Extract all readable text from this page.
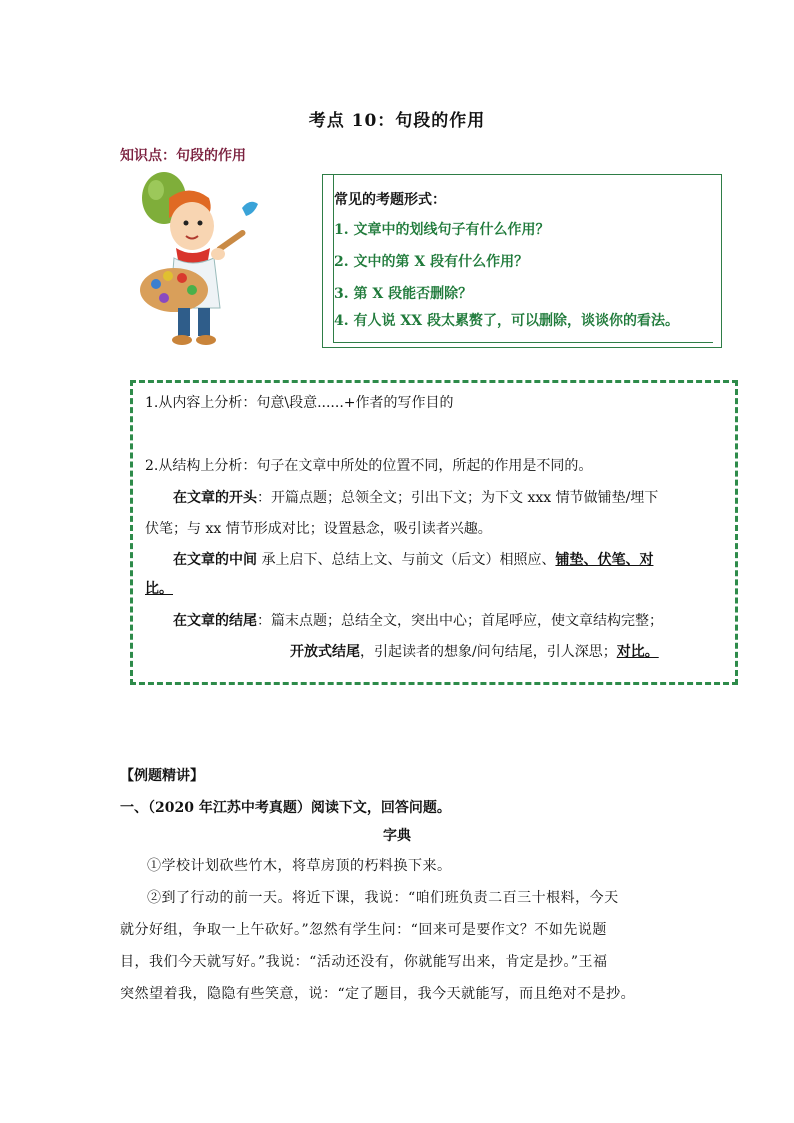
考点 10：句段的作用
知识点：句段的作用
常见的考题形式：
1. 文章中的划线句子有什么作用？
2. 文中的第 X 段有什么作用？
3. 第 X 段能否删除？
4. 有人说 XX 段太累赘了，可以删除，谈谈你的看法。
1.从内容上分析：句意\段意......+作者的写作目的
2.从结构上分析：句子在文章中所处的位置不同，所起的作用是不同的。
在文章的开头：开篇点题；总领全文；引出下文；为下文 xxx 情节做铺垫/埋下
伏笔；与 xx 情节形成对比；设置悬念，吸引读者兴趣。
在文章的中间 承上启下、总结上文、与前文（后文）相照应、铺垫、伏笔、对
比。
在文章的结尾：篇末点题；总结全文，突出中心；首尾呼应，使文章结构完整；
开放式结尾，引起读者的想象/问句结尾，引人深思；对比。
【例题精讲】
一、（2020 年江苏中考真题）阅读下文，回答问题。
字典
①学校计划砍些竹木，将草房顶的朽料换下来。
②到了行动的前一天。将近下课，我说：“咱们班负责二百三十根料，今天
就分好组，争取一上午砍好。”忽然有学生问：“回来可是要作文？不如先说题
目，我们今天就写好。”我说：“活动还没有，你就能写出来，肯定是抄。”王福
突然望着我，隐隐有些笑意，说：“定了题目，我今天就能写，而且绝对不是抄。
